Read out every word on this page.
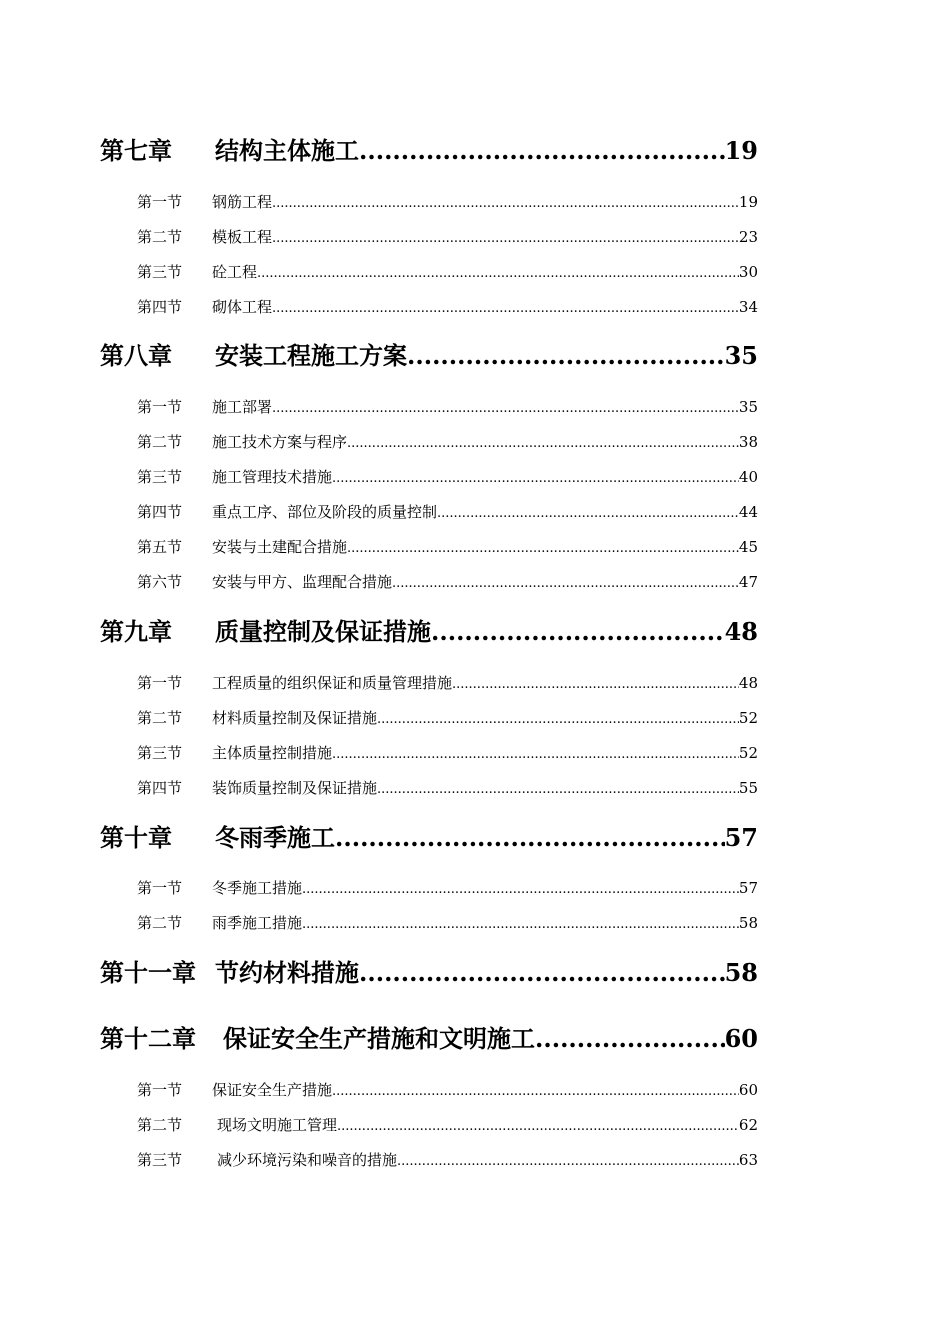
第七章	结构主体施工 .....	19
第一节	钢筋工程 .....	19
第二节	模板工程 .....	23
第三节	砼工程 .....	30
第四节	砌体工程 .....	34
第八章	安装工程施工方案 .....	35
第一节	施工部署 .....	35
第二节	施工技术方案与程序 .....	38
第三节	施工管理技术措施 .....	40
第四节	重点工序、部位及阶段的质量控制 .....	44
第五节	安装与土建配合措施 .....	45
第六节	安装与甲方、监理配合措施 .....	47
第九章	质量控制及保证措施 .....	48
第一节	工程质量的组织保证和质量管理措施 .....	48
第二节	材料质量控制及保证措施 .....	52
第三节	主体质量控制措施 .....	52
第四节	装饰质量控制及保证措施 .....	55
第十章	冬雨季施工 .....	57
第一节	冬季施工措施 .....	57
第二节	雨季施工措施 .....	58
第十一章 节约材料措施 .....	58
第十二章	保证安全生产措施和文明施工 .....	60
第一节	保证安全生产措施 .....	60
第二节	现场文明施工管理 .....	62
第三节	减少环境污染和噪音的措施 .....	63
